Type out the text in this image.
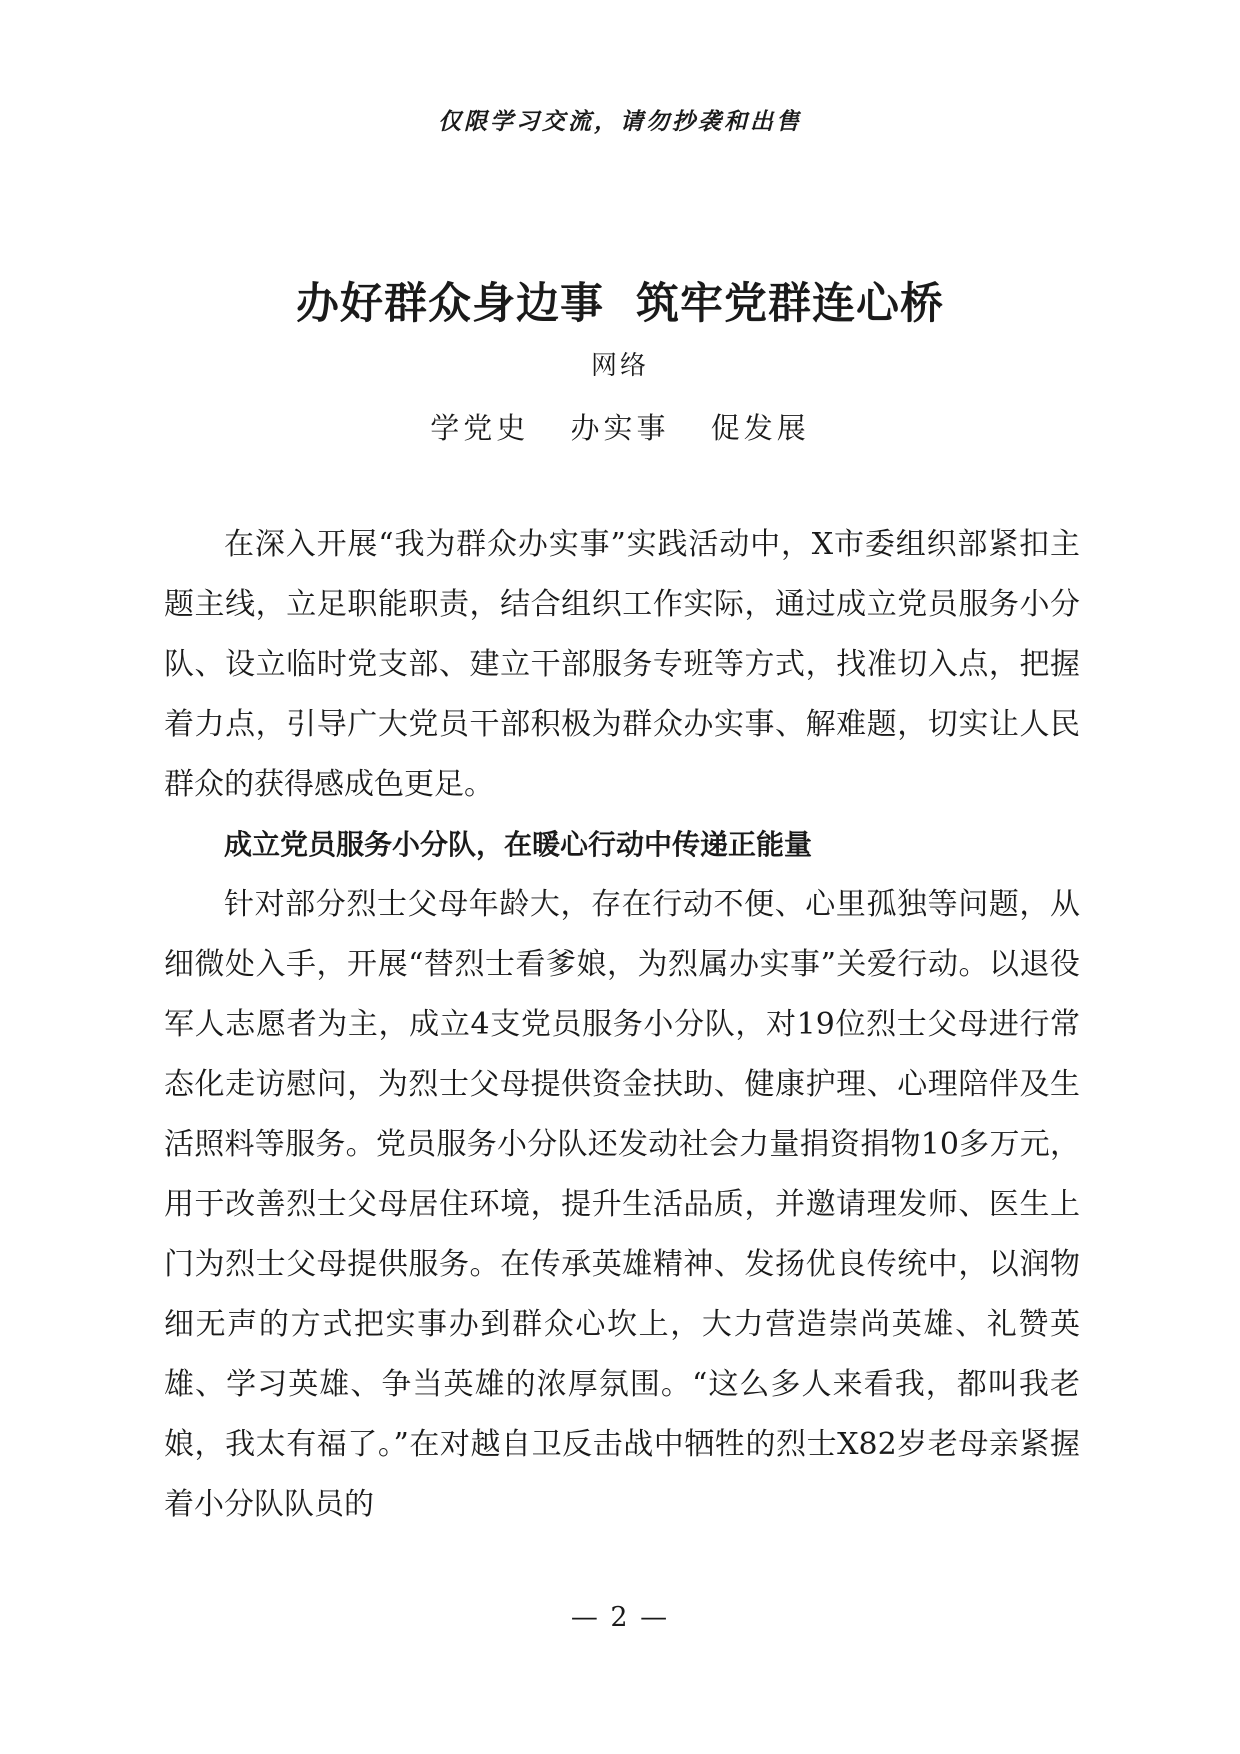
仅限学习交流，请勿抄袭和出售
办好群众身边事  筑牢党群连心桥
网络
学党史 办实事 促发展

在深入开展“我为群众办实事”实践活动中，X市委组织部紧扣主题主线，立足职能职责，结合组织工作实际，通过成立党员服务小分队、设立临时党支部、建立干部服务专班等方式，找准切入点，把握着力点，引导广大党员干部积极为群众办实事、解难题，切实让人民群众的获得感成色更足。

成立党员服务小分队，在暖心行动中传递正能量

针对部分烈士父母年龄大，存在行动不便、心里孤独等问题，从细微处入手，开展“替烈士看爹娘，为烈属办实事”关爱行动。以退役军人志愿者为主，成立4支党员服务小分队，对19位烈士父母进行常态化走访慰问，为烈士父母提供资金扶助、健康护理、心理陪伴及生活照料等服务。党员服务小分队还发动社会力量捐资捐物10多万元，用于改善烈士父母居住环境，提升生活品质，并邀请理发师、医生上门为烈士父母提供服务。在传承英雄精神、发扬优良传统中，以润物细无声的方式把实事办到群众心坎上，大力营造崇尚英雄、礼赞英雄、学习英雄、争当英雄的浓厚氛围。“这么多人来看我，都叫我老娘，我太有福了。”在对越自卫反击战中牺牲的烈士X82岁老母亲紧握着小分队队员的

— 2 —
